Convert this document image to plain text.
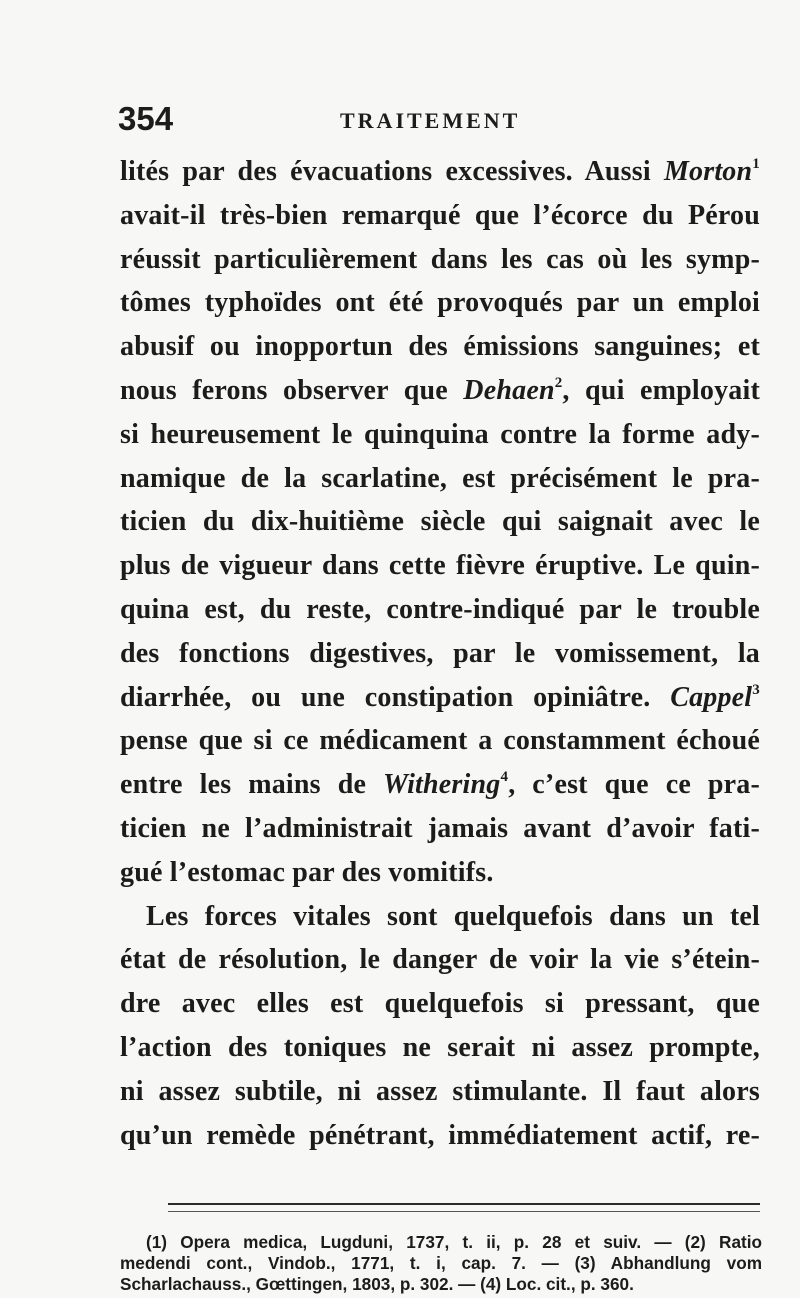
354	TRAITEMENT
lités par des évacuations excessives. Aussi Morton$^1$
avait-il très-bien remarqué que l’écorce du Pérou
réussit particulièrement dans les cas où les symp-
tômes typhoïdes ont été provoqués par un emploi
abusif ou inopportun des émissions sanguines; et
nous ferons observer que Dehaen$^2$, qui employait
si heureusement le quinquina contre la forme ady-
namique de la scarlatine, est précisément le pra-
ticien du dix-huitième siècle qui saignait avec le
plus de vigueur dans cette fièvre éruptive. Le quin-
quina est, du reste, contre-indiqué par le trouble
des fonctions digestives, par le vomissement, la
diarrhée, ou une constipation opiniâtre. Cappel$^3$
pense que si ce médicament a constamment échoué
entre les mains de Withering$^4$, c’est que ce pra-
ticien ne l’administrait jamais avant d’avoir fati-
gué l’estomac par des vomitifs.
Les forces vitales sont quelquefois dans un tel
état de résolution, le danger de voir la vie s’étein-
dre avec elles est quelquefois si pressant, que
l’action des toniques ne serait ni assez prompte,
ni assez subtile, ni assez stimulante. Il faut alors
qu’un remède pénétrant, immédiatement actif, re-
(1) Opera medica, Lugduni, 1737, t. ii, p. 28 et suiv. — (2) Ratio
medendi cont., Vindob., 1771, t. i, cap. 7. — (3) Abhandlung vom
Scharlachauss., Gœttingen, 1803, p. 302. — (4) Loc. cit., p. 360.
